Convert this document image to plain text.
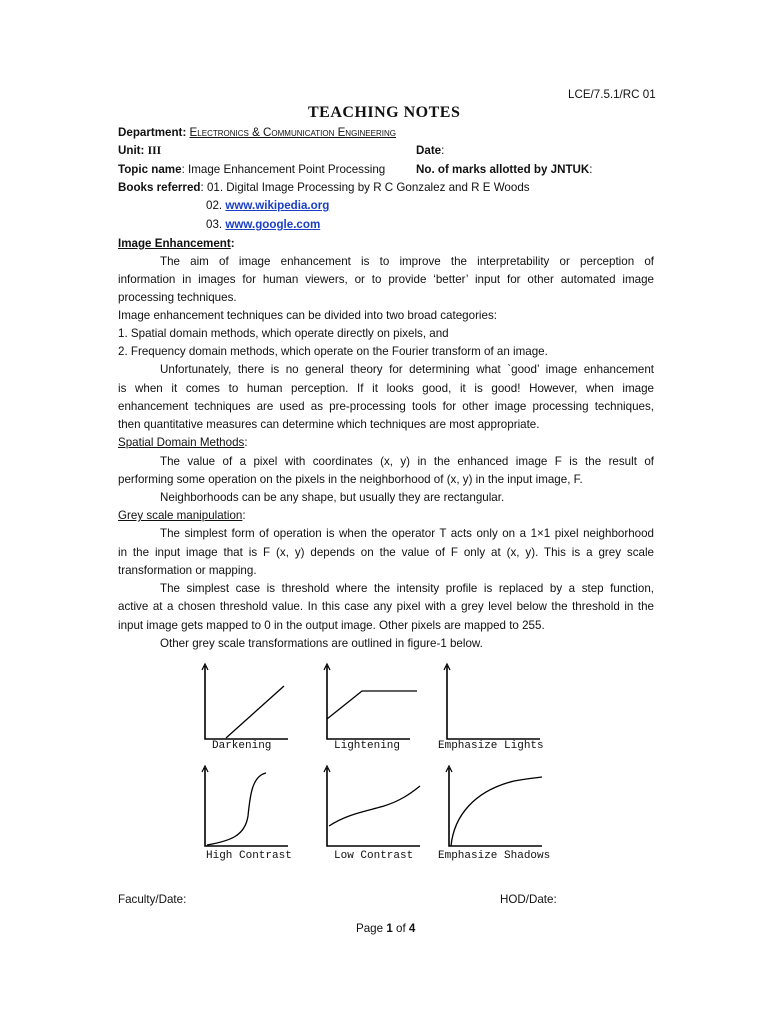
LCE/7.5.1/RC 01
TEACHING NOTES
Department: Electronics & Communication Engineering
Unit: III	Date:
Topic name: Image Enhancement Point Processing	No. of marks allotted by JNTUK:
Books referred: 01. Digital Image Processing by R C Gonzalez and R E Woods
02. www.wikipedia.org
03. www.google.com
Image Enhancement:
The aim of image enhancement is to improve the interpretability or perception of
information in images for human viewers, or to provide ‘better’ input for other automated image
processing techniques.
Image enhancement techniques can be divided into two broad categories:
1. Spatial domain methods, which operate directly on pixels, and
2. Frequency domain methods, which operate on the Fourier transform of an image.
Unfortunately, there is no general theory for determining what `good’ image enhancement
is when it comes to human perception. If it looks good, it is good! However, when image
enhancement techniques are used as pre-processing tools for other image processing techniques,
then quantitative measures can determine which techniques are most appropriate.
Spatial Domain Methods:
The value of a pixel with coordinates (x, y) in the enhanced image F is the result of
performing some operation on the pixels in the neighborhood of (x, y) in the input image, F.
Neighborhoods can be any shape, but usually they are rectangular.
Grey scale manipulation:
The simplest form of operation is when the operator T acts only on a 1×1 pixel neighborhood
in the input image that is F (x, y) depends on the value of F only at (x, y). This is a grey scale
transformation or mapping.
The simplest case is threshold where the intensity profile is replaced by a step function,
active at a chosen threshold value. In this case any pixel with a grey level below the threshold in the
input image gets mapped to 0 in the output image. Other pixels are mapped to 255.
Other grey scale transformations are outlined in figure-1 below.
Darkening	Lightening	Emphasize Lights
High Contrast	Low Contrast Emphasize Shadows
Faculty/Date:	HOD/Date:
Page 1 of 4
